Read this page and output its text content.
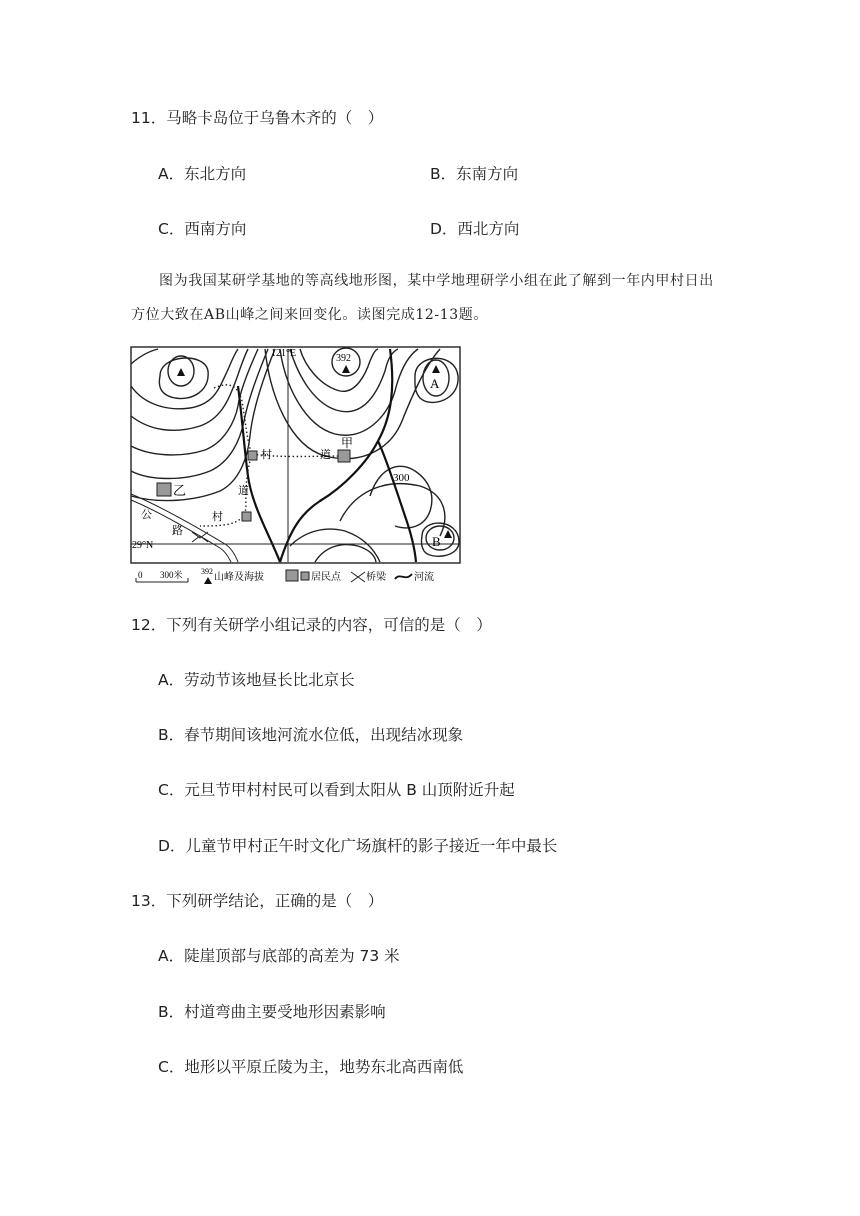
11．马略卡岛位于乌鲁木齐的（　）
A．东北方向	B．东南方向
C．西南方向	D．西北方向
图为我国某研学基地的等高线地形图，某中学地理研学小组在此了解到一年内甲村日出方位大致在AB山峰之间来回变化。读图完成12-13题。
121°E
29°N
392
A
B
300
甲
乙
村	道
道
村
公
路
0 300米 392
山峰及海拔	居民点	桥梁	河流
12．下列有关研学小组记录的内容，可信的是（　）
A．劳动节该地昼长比北京长
B．春节期间该地河流水位低，出现结冰现象
C．元旦节甲村村民可以看到太阳从 B 山顶附近升起
D．儿童节甲村正午时文化广场旗杆的影子接近一年中最长
13．下列研学结论，正确的是（　）
A．陡崖顶部与底部的高差为 73 米
B．村道弯曲主要受地形因素影响
C．地形以平原丘陵为主，地势东北高西南低
